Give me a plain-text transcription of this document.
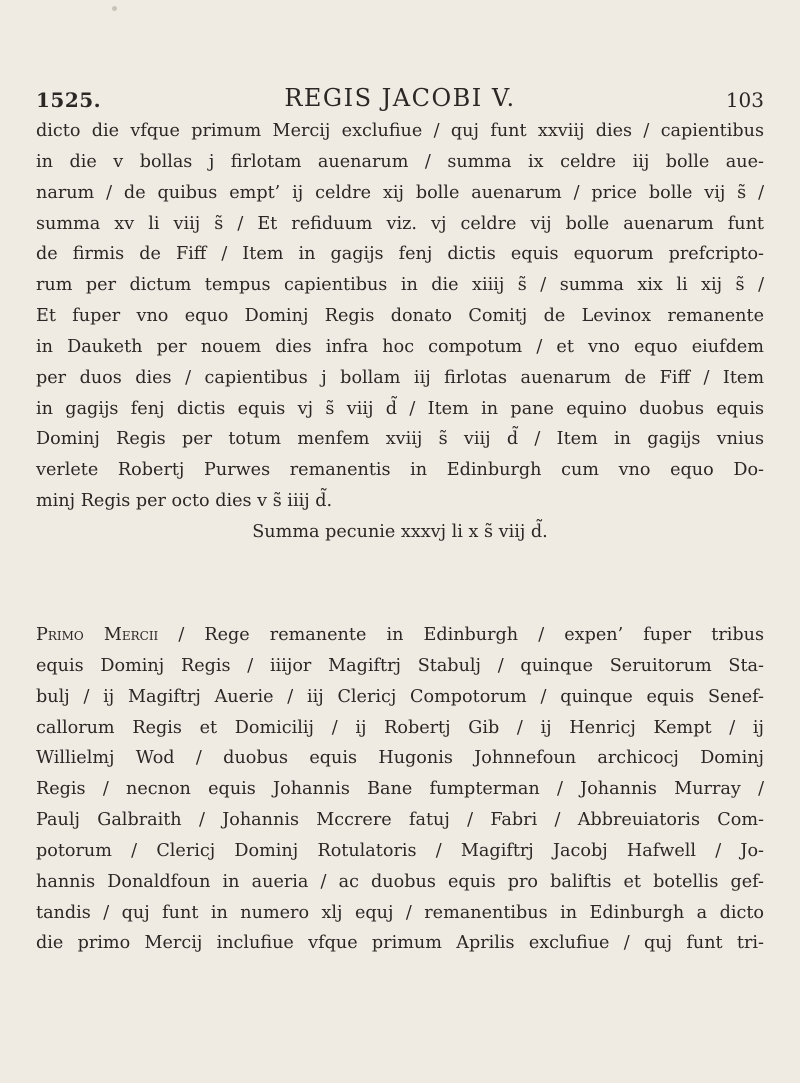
1525.	REGIS JACOBI V.	103
dicto die vfque primum Mercij exclufiue / quj funt xxviij dies / capientibus
in die v bollas j firlotam auenarum / summa ix celdre iij bolle aue-
narum / de quibus empt’ ij celdre xij bolle auenarum / price bolle vij s̃ /
summa xv li viij s̃ / Et refiduum viz. vj celdre vij bolle auenarum funt
de firmis de Fiff / Item in gagijs fenj dictis equis equorum prefcripto-
rum per dictum tempus capientibus in die xiiij s̃ / summa xix li xij s̃ /
Et fuper vno equo Dominj Regis donato Comitj de Levinox remanente
in Dauketh per nouem dies infra hoc compotum / et vno equo eiufdem
per duos dies / capientibus j bollam iij firlotas auenarum de Fiff / Item
in gagijs fenj dictis equis vj s̃ viij d̃ / Item in pane equino duobus equis
Dominj Regis per totum menfem xviij s̃ viij d̃ / Item in gagijs vnius
verlete Robertj Purwes remanentis in Edinburgh cum vno equo Do-
minj Regis per octo dies v s̃ iiij d̃.
Summa pecunie xxxvj li x s̃ viij d̃.
Primo Mercii / Rege remanente in Edinburgh / expen’ fuper tribus
equis Dominj Regis / iiijor Magiftrj Stabulj / quinque Seruitorum Sta-
bulj / ij Magiftrj Auerie / iij Clericj Compotorum / quinque equis Senef-
callorum Regis et Domicilij / ij Robertj Gib / ij Henricj Kempt / ij
Willielmj Wod / duobus equis Hugonis Johnnefoun archicocj Dominj
Regis / necnon equis Johannis Bane fumpterman / Johannis Murray /
Paulj Galbraith / Johannis Mccrere fatuj / Fabri / Abbreuiatoris Com-
potorum / Clericj Dominj Rotulatoris / Magiftrj Jacobj Hafwell / Jo-
hannis Donaldfoun in aueria / ac duobus equis pro baliftis et botellis gef-
tandis / quj funt in numero xlj equj / remanentibus in Edinburgh a dicto
die primo Mercij inclufiue vfque primum Aprilis exclufiue / quj funt tri-
